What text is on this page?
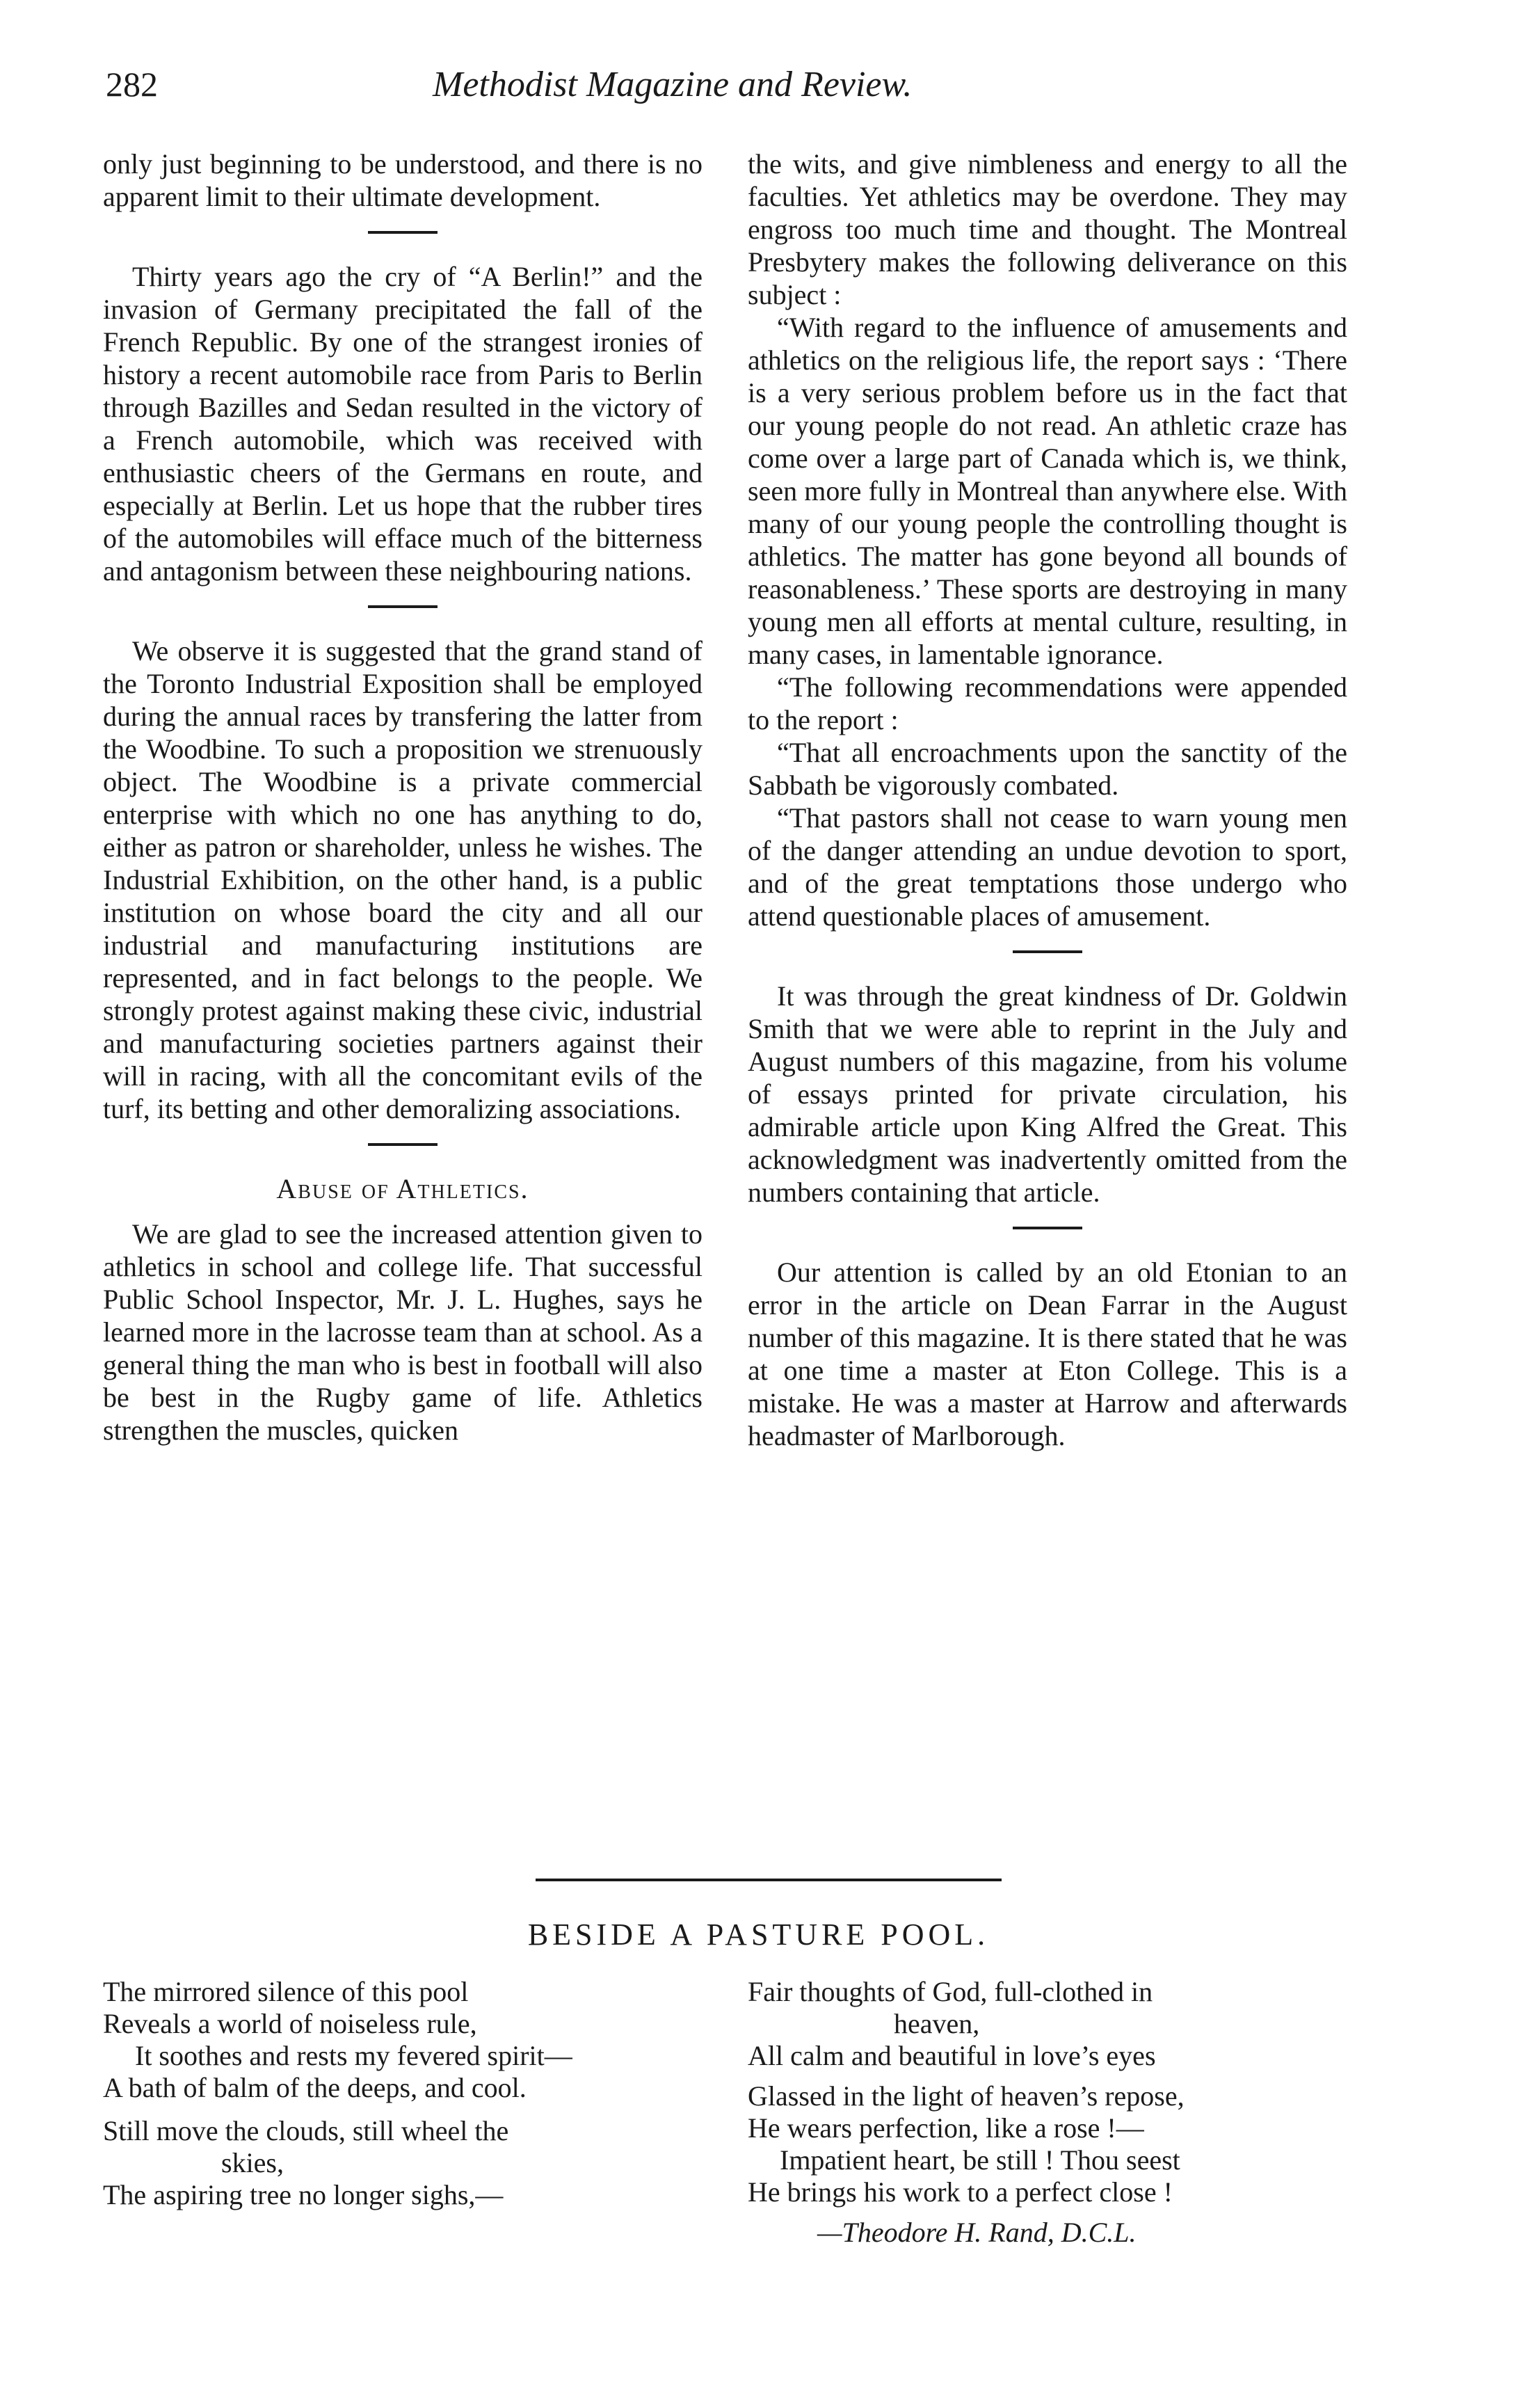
282	Methodist Magazine and Review.

only just beginning to be understood, and there is no apparent limit to their ultimate development.

Thirty years ago the cry of “A Berlin!” and the invasion of Germany precipitated the fall of the French Republic. By one of the strangest ironies of history a recent automobile race from Paris to Berlin through Bazilles and Sedan resulted in the victory of a French automobile, which was received with enthusiastic cheers of the Germans en route, and especially at Berlin. Let us hope that the rubber tires of the automobiles will efface much of the bitterness and antagonism between these neighbouring nations.

We observe it is suggested that the grand stand of the Toronto Industrial Exposition shall be employed during the annual races by transfering the latter from the Woodbine. To such a proposition we strenuously object. The Woodbine is a private commercial enterprise with which no one has anything to do, either as patron or shareholder, unless he wishes. The Industrial Exhibition, on the other hand, is a public institution on whose board the city and all our industrial and manufacturing institutions are represented, and in fact belongs to the people. We strongly protest against making these civic, industrial and manufacturing societies partners against their will in racing, with all the concomitant evils of the turf, its betting and other demoralizing associations.

Abuse of Athletics.

We are glad to see the increased attention given to athletics in school and college life. That successful Public School Inspector, Mr. J. L. Hughes, says he learned more in the lacrosse team than at school. As a general thing the man who is best in football will also be best in the Rugby game of life. Athletics strengthen the muscles, quicken

the wits, and give nimbleness and energy to all the faculties. Yet athletics may be overdone. They may engross too much time and thought. The Montreal Presbytery makes the following deliverance on this subject :

“With regard to the influence of amusements and athletics on the religious life, the report says : ‘There is a very serious problem before us in the fact that our young people do not read. An athletic craze has come over a large part of Canada which is, we think, seen more fully in Montreal than anywhere else. With many of our young people the controlling thought is athletics. The matter has gone beyond all bounds of reasonableness.’ These sports are destroying in many young men all efforts at mental culture, resulting, in many cases, in lamentable ignorance.

“The following recommendations were appended to the report :

“That all encroachments upon the sanctity of the Sabbath be vigorously combated.

“That pastors shall not cease to warn young men of the danger attending an undue devotion to sport, and of the great temptations those undergo who attend questionable places of amusement.

It was through the great kindness of Dr. Goldwin Smith that we were able to reprint in the July and August numbers of this magazine, from his volume of essays printed for private circulation, his admirable article upon King Alfred the Great. This acknowledgment was inadvertently omitted from the numbers containing that article.

Our attention is called by an old Etonian to an error in the article on Dean Farrar in the August number of this magazine. It is there stated that he was at one time a master at Eton College. This is a mistake. He was a master at Harrow and afterwards headmaster of Marlborough.

BESIDE A PASTURE POOL.
The mirrored silence of this pool
Reveals a world of noiseless rule,
It soothes and rests my fevered spirit—
A bath of balm of the deeps, and cool.
Still move the clouds, still wheel the
skies,
The aspiring tree no longer sighs,—
Fair thoughts of God, full-clothed in
heaven,
All calm and beautiful in love’s eyes
Glassed in the light of heaven’s repose,
He wears perfection, like a rose !—
Impatient heart, be still ! Thou seest
He brings his work to a perfect close !
—Theodore H. Rand, D.C.L.
